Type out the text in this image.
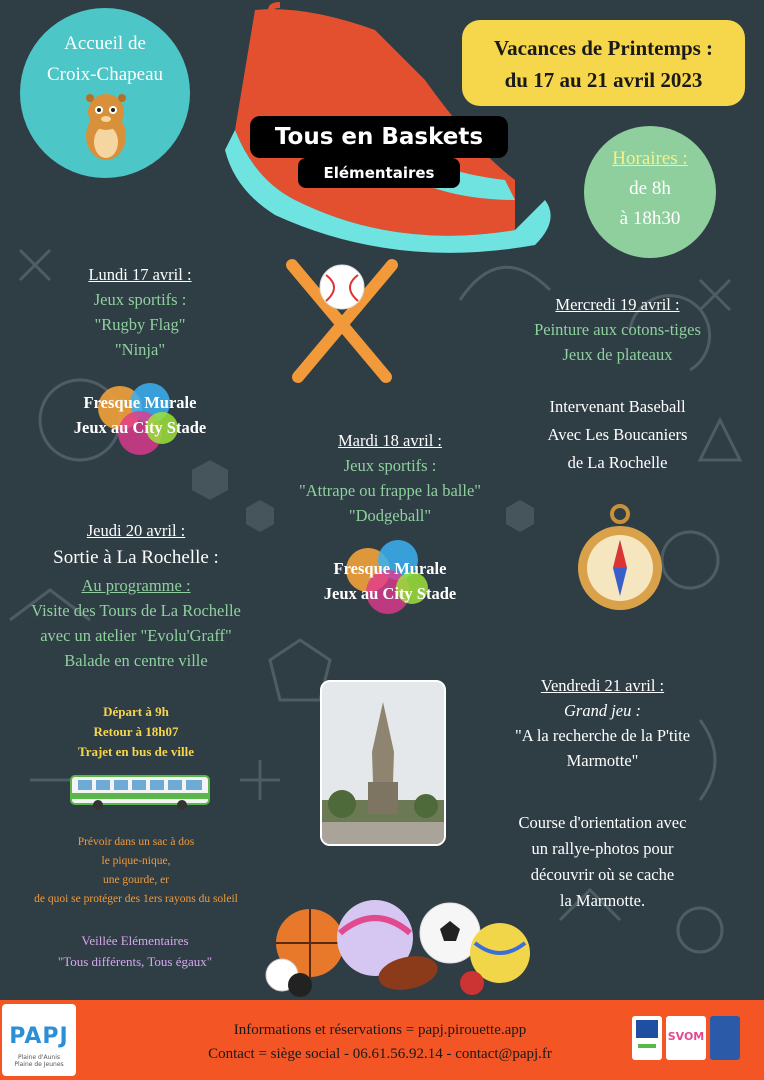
Accueil de
Croix-Chapeau
Vacances de Printemps :
du 17 au 21 avril 2023
Tous en Baskets
Elémentaires
Horaires :
de 8h
à 18h30
Lundi 17 avril :
Jeux sportifs :
"Rugby Flag"
"Ninja"
Fresque Murale
Jeux au City Stade
Mercredi 19 avril :
Peinture aux cotons-tiges
Jeux de plateaux
Intervenant Baseball
Avec Les Boucaniers
de La Rochelle
Mardi 18 avril :
Jeux sportifs :
"Attrape ou frappe la balle"
"Dodgeball"
Fresque Murale
Jeux au City Stade
Jeudi 20 avril :
Sortie à La Rochelle :
Au programme :
Visite des Tours de La Rochelle
avec un atelier "Evolu'Graff"
Balade en centre ville
Départ à 9h
Retour à 18h07
Trajet en bus de ville
Prévoir dans un sac à dos
le pique-nique,
une gourde, er
de quoi se protéger des 1ers rayons du soleil
Veillée Elémentaires
"Tous différents, Tous égaux"
Vendredi 21 avril :
Grand jeu :
"A la recherche de la P'tite
Marmotte"
Course d'orientation avec
un rallye-photos pour
découvrir où se cache
la Marmotte.
PAPJ
Plaine d'Aunis
Plaine de Jeunes
Informations et réservations = papj.pirouette.app
Contact = siège social - 06.61.56.92.14 - contact@papj.fr
SVOM
